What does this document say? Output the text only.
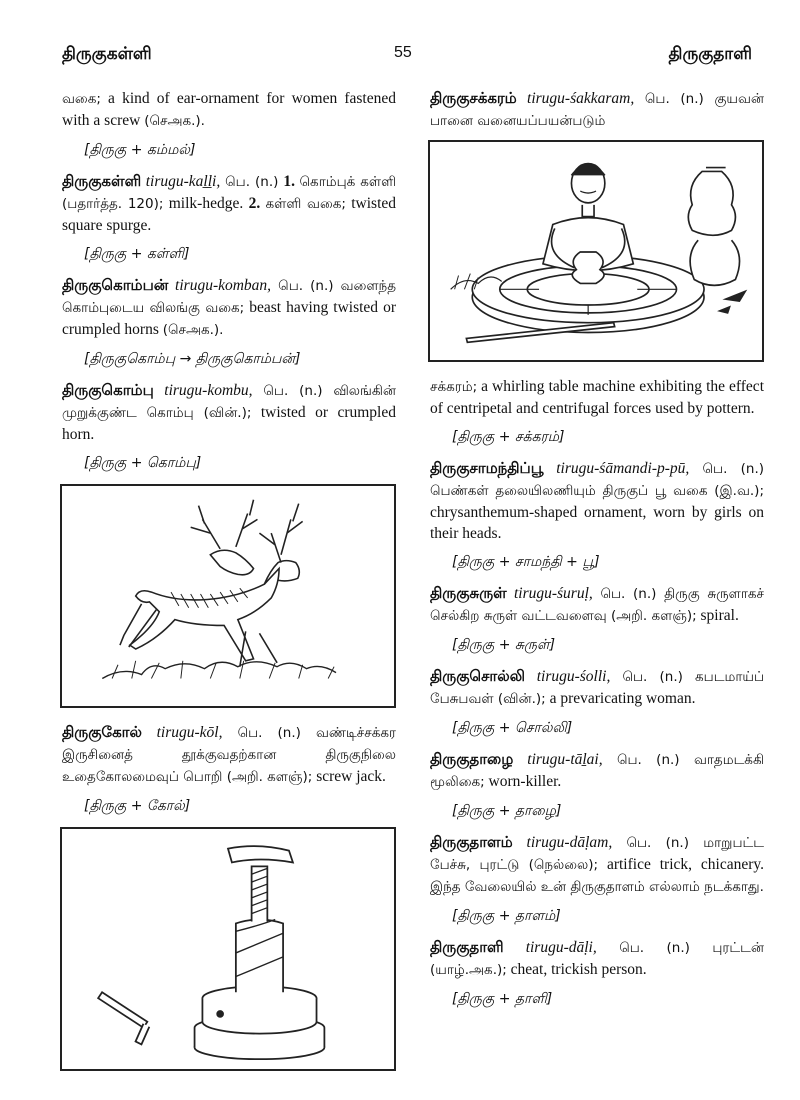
திருகுகள்ளி	55	திருகுதாளி
வகை; a kind of ear-ornament for women fastened with a screw (செஅக.).
[திருகு + கம்மல்]
திருகுகள்ளி tirugu-kaḻḻi, பெ. (n.) 1. கொம்புக் கள்ளி (பதார்த்த. 120); milk-hedge. 2. கள்ளி வகை; twisted square spurge.
[திருகு + கள்ளி]
திருகுகொம்பன் tirugu-komban, பெ. (n.) வளைந்த கொம்புடைய விலங்கு வகை; beast having twisted or crumpled horns (செஅக.).
[திருகுகொம்பு → திருகுகொம்பன்]
திருகுகொம்பு tirugu-kombu, பெ. (n.) விலங்கின் முறுக்குண்ட கொம்பு (வின்.); twisted or crumpled horn.
[திருகு + கொம்பு]
திருகுகோல் tirugu-kōl, பெ. (n.) வண்டிச்சக்கர இருசினைத் தூக்குவதற்கான திருகுநிலை உதைகோலமைவுப் பொறி (அறி. களஞ்); screw jack.
[திருகு + கோல்]
திருகுசக்கரம் tirugu-śakkaram, பெ. (n.) குயவன் பானை வனையப்பயன்படும்
சக்கரம்; a whirling table machine exhibiting the effect of centripetal and centrifugal forces used by pottern.
[திருகு + சக்கரம்]
திருகுசாமந்திப்பூ tirugu-śāmandi-p-pū, பெ. (n.) பெண்கள் தலையிலணியும் திருகுப் பூ வகை (இ.வ.); chrysanthemum-shaped ornament, worn by girls on their heads.
[திருகு + சாமந்தி + பூ]
திருகுசுருள் tirugu-śuruḷ, பெ. (n.) திருகு சுருளாகச் செல்கிற சுருள் வட்டவளைவு (அறி. களஞ்); spiral.
[திருகு + சுருள்]
திருகுசொல்லி tirugu-śolli, பெ. (n.) கபடமாய்ப் பேசுபவள் (வின்.); a prevaricating woman.
[திருகு + சொல்லி]
திருகுதாழை tirugu-tāḻai, பெ. (n.) வாதமடக்கி மூலிகை; worn-killer.
[திருகு + தாழை]
திருகுதாளம் tirugu-dāḷam, பெ. (n.) மாறுபட்ட பேச்சு, புரட்டு (நெல்லை); artifice trick, chicanery. இந்த வேலையில் உன் திருகுதாளம் எல்லாம் நடக்காது.
[திருகு + தாளம்]
திருகுதாளி tirugu-dāḷi, பெ. (n.) புரட்டன் (யாழ்.அக.); cheat, trickish person.
[திருகு + தாளி]
